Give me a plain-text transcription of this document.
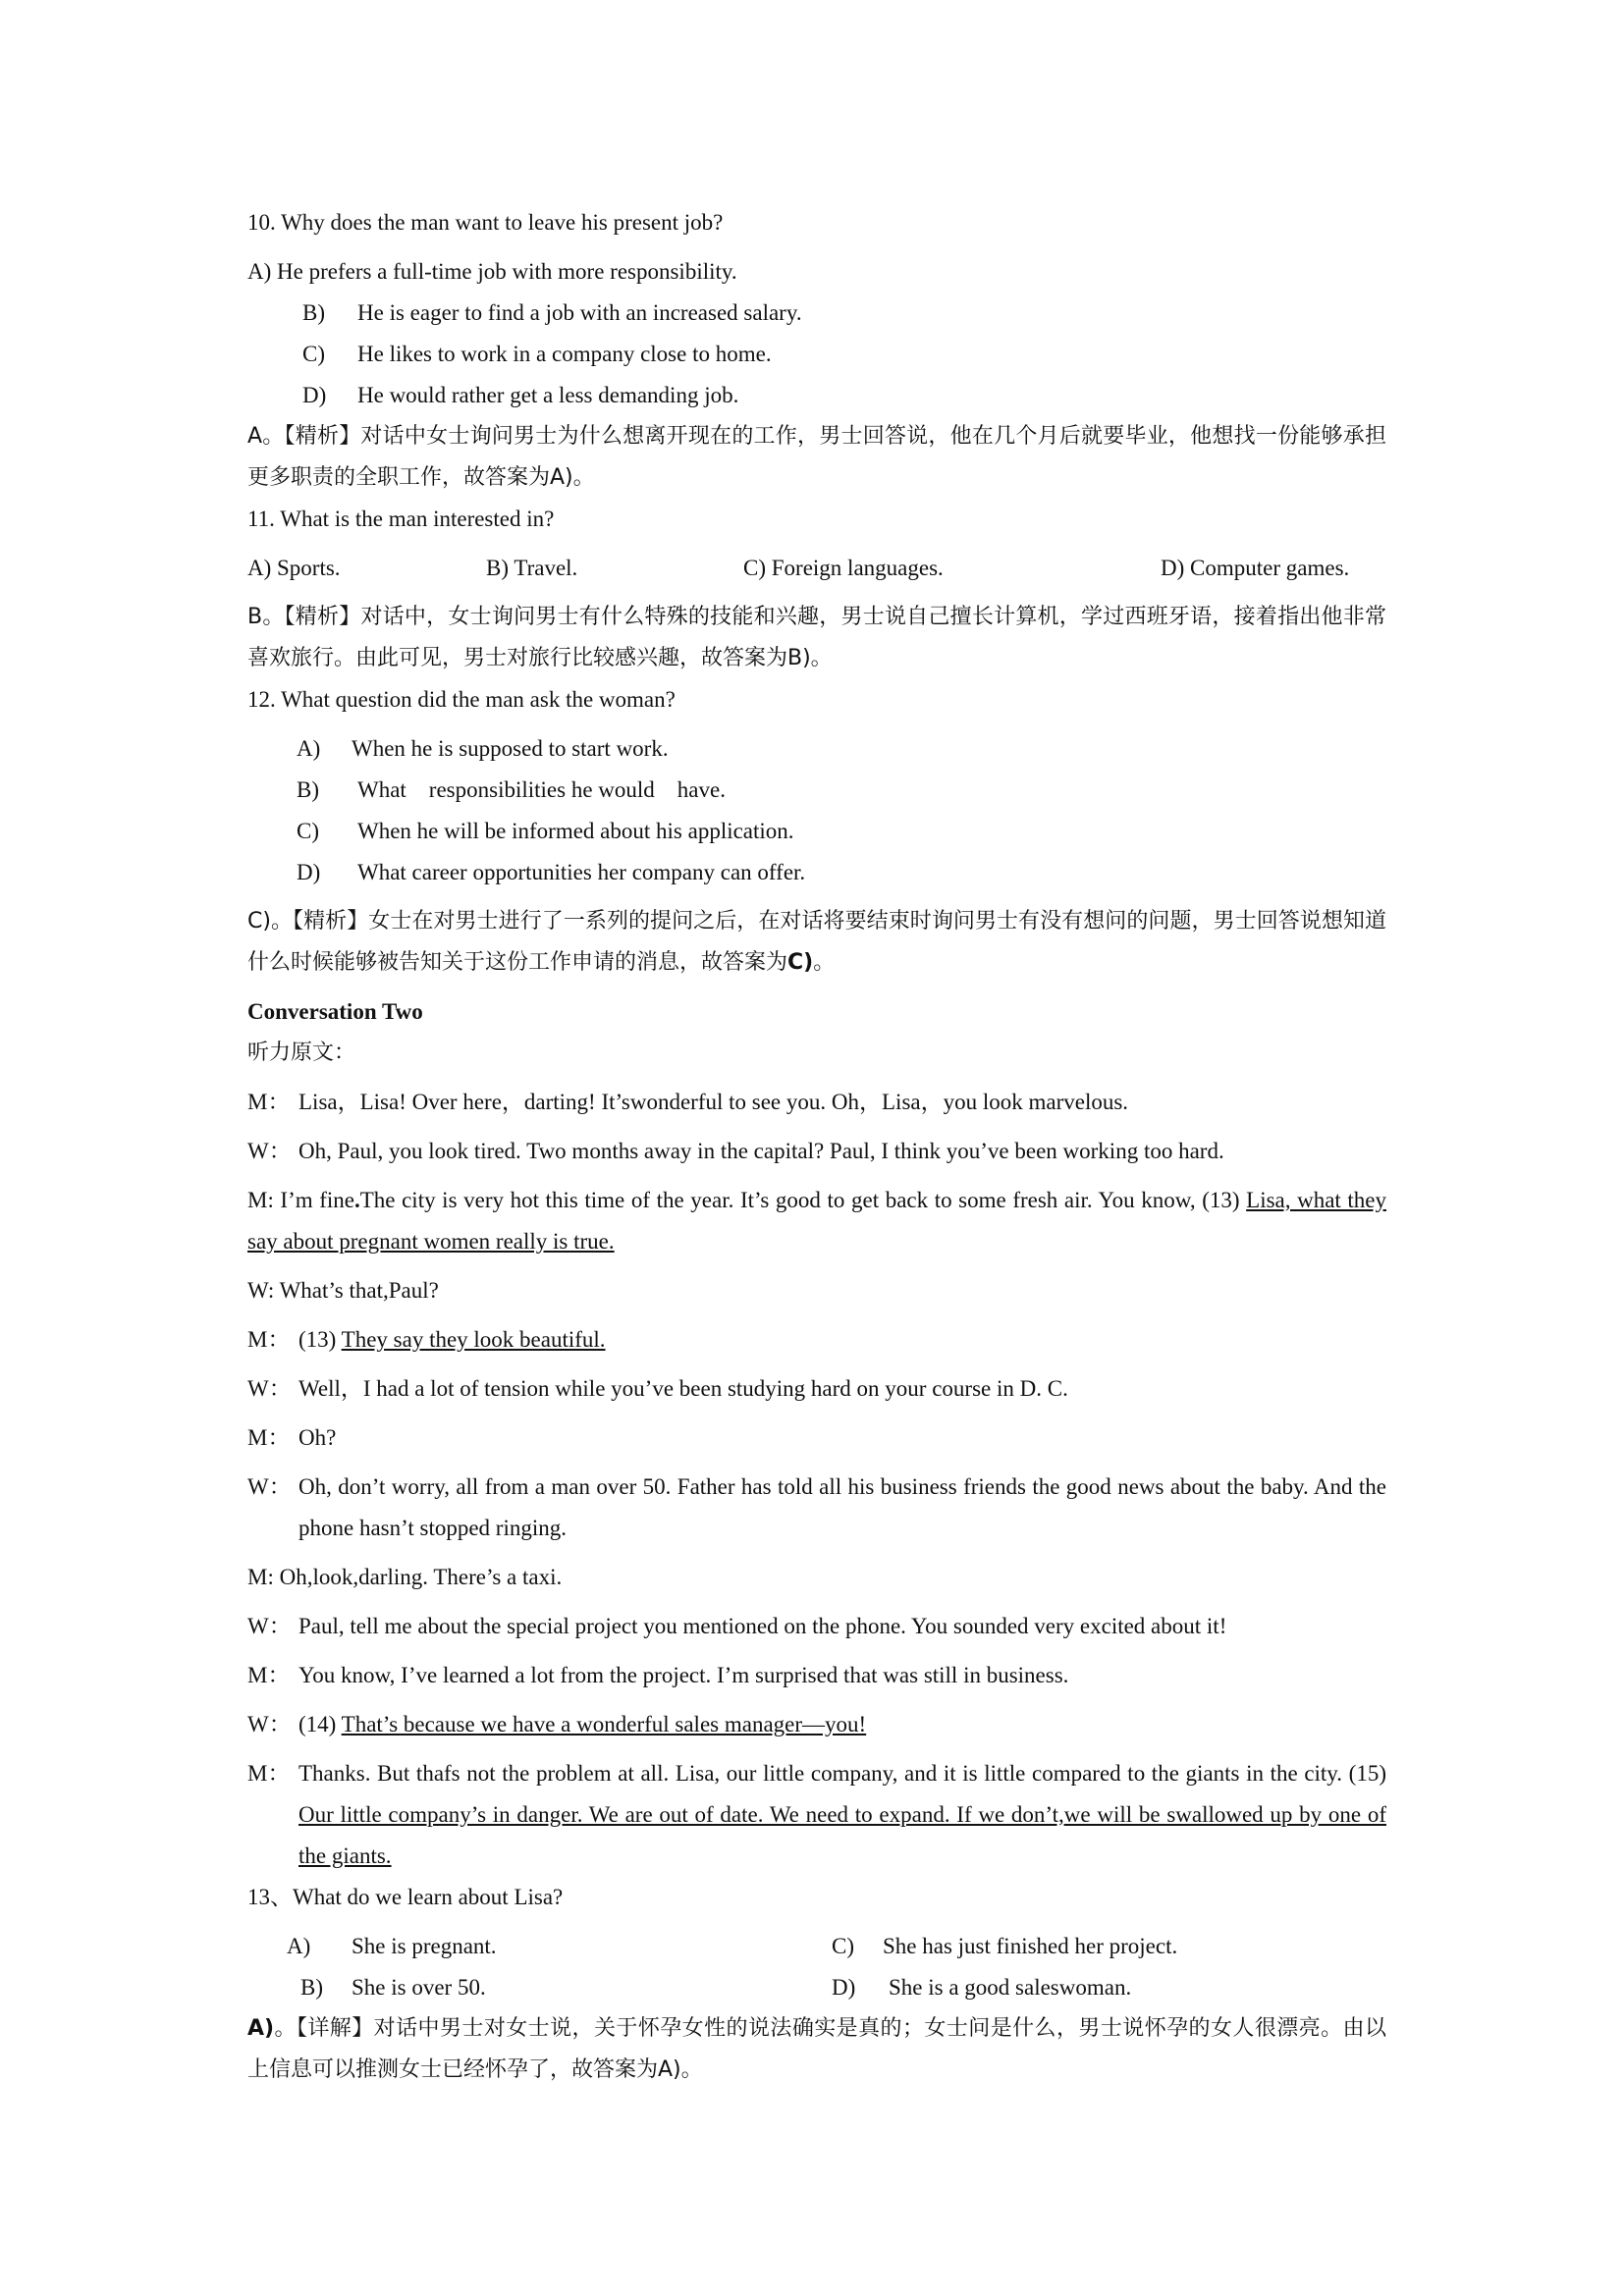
10. Why does the man want to leave his present job?
A) He prefers a full-time job with more responsibility.
B)	He is eager to find a job with an increased salary.
C)	He likes to work in a company close to home.
D)	He would rather get a less demanding job.
A。【精析】对话中女士询问男士为什么想离开现在的工作，男士回答说，他在几个月后就要毕业，他想找一份能够承担更多职责的全职工作，故答案为A)。
11. What is the man interested in?
A) Sports.	B) Travel.	C) Foreign languages.	D) Computer games.
B。【精析】对话中，女士询问男士有什么特殊的技能和兴趣，男士说自己擅长计算机，学过西班牙语，接着指出他非常喜欢旅行。由此可见，男士对旅行比较感兴趣，故答案为B)。
12. What question did the man ask the woman?
A)	When he is supposed to start work.
B)	What    responsibilities he would    have.
C)	When he will be informed about his application.
D)	What career opportunities her company can offer.
C)。【精析】女士在对男士进行了一系列的提问之后，在对话将要结束时询问男士有没有想问的问题，男士回答说想知道什么时候能够被告知关于这份工作申请的消息，故答案为C)。
Conversation Two
听力原文：
M： Lisa，Lisa! Over here，darting! It’swonderful to see you. Oh，Lisa，you look marvelous.
W： Oh, Paul, you look tired. Two months away in the capital? Paul, I think you’ve been working too hard.
M: I’m fine.The city is very hot this time of the year. It’s good to get back to some fresh air. You know, (13) Lisa, what they say about pregnant women really is true.
W: What’s that,Paul?
M： (13) They say they look beautiful.
W： Well，I had a lot of tension while you’ve been studying hard on your course in D. C.
M： Oh?
W： Oh, don’t worry, all from a man over 50. Father has told all his business friends the good news about the baby. And the phone hasn’t stopped ringing.
M: Oh,look,darling. There’s a taxi.
W： Paul, tell me about the special project you mentioned on the phone. You sounded very excited about it!
M： You know, I’ve learned a lot from the project. I’m surprised that was still in business.
W： (14) That’s because we have a wonderful sales manager—you!
M： Thanks. But thafs not the problem at all. Lisa, our little company, and it is little compared to the giants in the city. (15) Our little company’s in danger. We are out of date. We need to expand. If we don’t,we will be swallowed up by one of the giants.
13、What do we learn about Lisa?
A)	She is pregnant.	C)	She has just finished her project.
B)	She is over 50.	D)	She is a good saleswoman.
A)。【详解】对话中男士对女士说，关于怀孕女性的说法确实是真的；女士问是什么，男士说怀孕的女人很漂亮。由以上信息可以推测女士已经怀孕了，故答案为A)。
